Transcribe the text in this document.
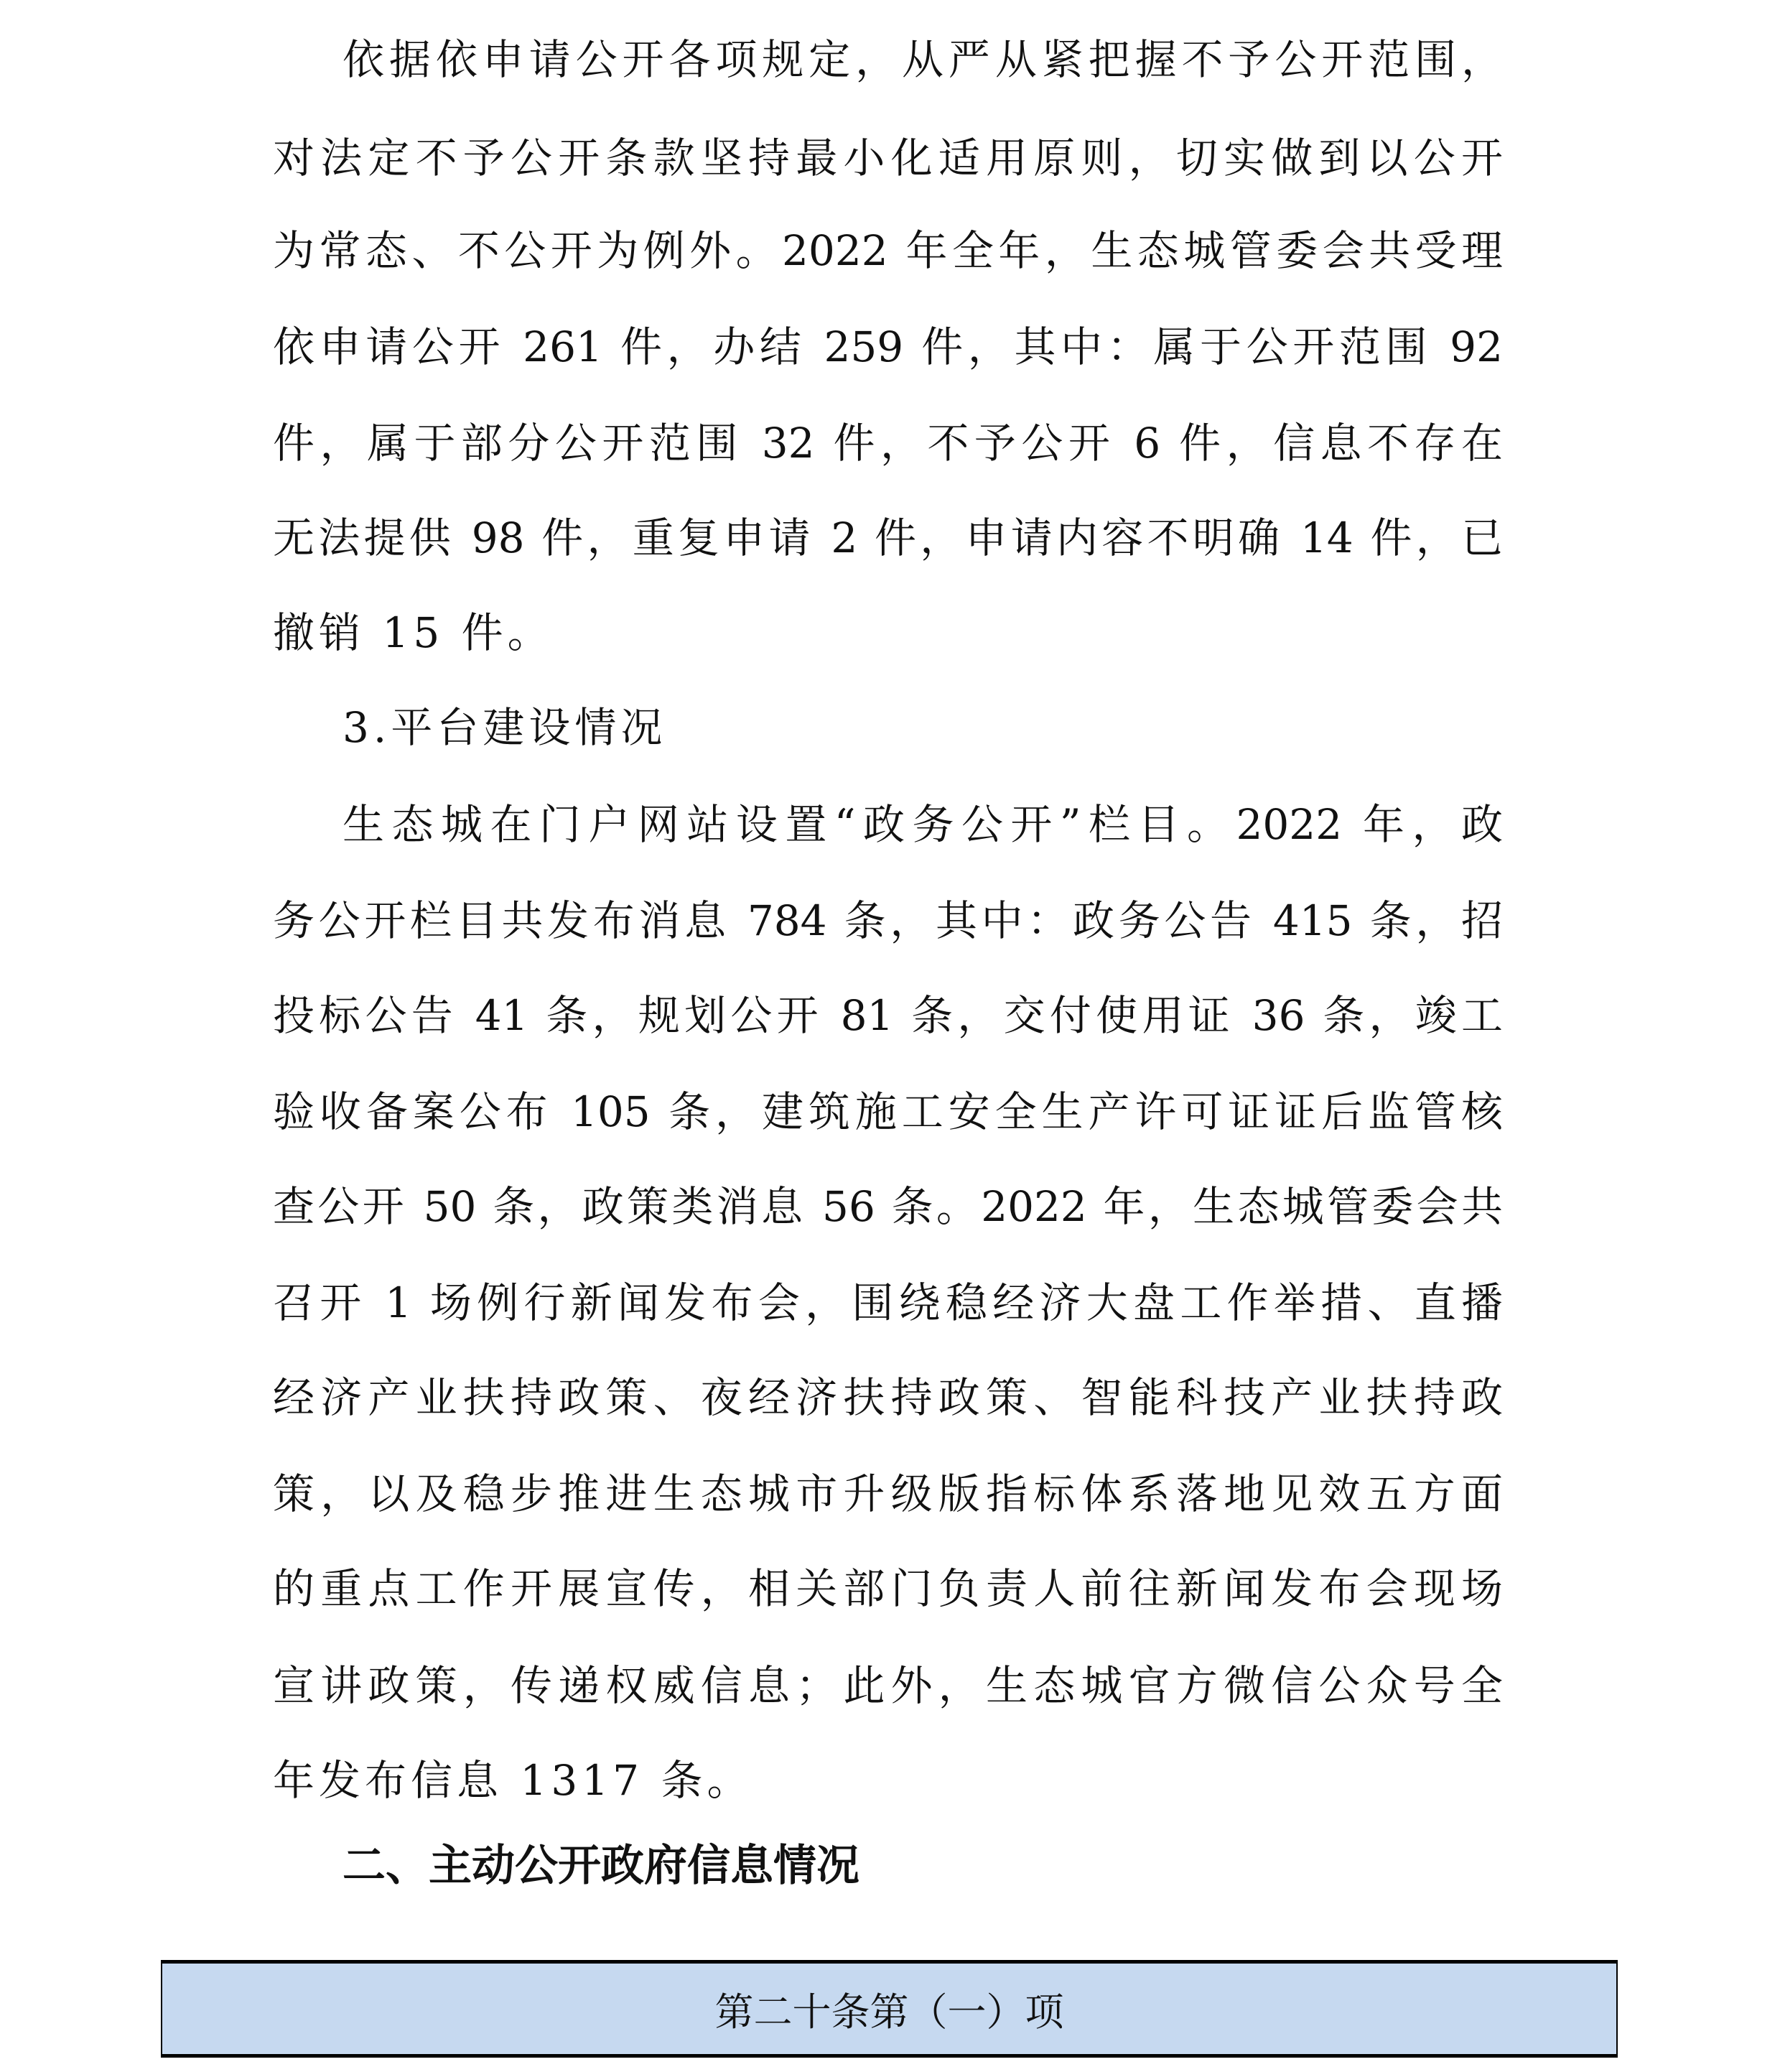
依据依申请公开各项规定，从严从紧把握不予公开范围，
对法定不予公开条款坚持最小化适用原则，切实做到以公开
为常态、不公开为例外。2022 年全年，生态城管委会共受理
依申请公开 261 件，办结 259 件，其中：属于公开范围 92
件，属于部分公开范围 32 件，不予公开 6 件，信息不存在
无法提供 98 件，重复申请 2 件，申请内容不明确 14 件，已
撤销 15 件。
3.平台建设情况
生态城在门户网站设置“政务公开”栏目。2022 年，政
务公开栏目共发布消息 784 条，其中：政务公告 415 条，招
投标公告 41 条，规划公开 81 条，交付使用证 36 条，竣工
验收备案公布 105 条，建筑施工安全生产许可证证后监管核
查公开 50 条，政策类消息 56 条。2022 年，生态城管委会共
召开 1 场例行新闻发布会，围绕稳经济大盘工作举措、直播
经济产业扶持政策、夜经济扶持政策、智能科技产业扶持政
策，以及稳步推进生态城市升级版指标体系落地见效五方面
的重点工作开展宣传，相关部门负责人前往新闻发布会现场
宣讲政策，传递权威信息；此外，生态城官方微信公众号全
年发布信息 1317 条。
二、主动公开政府信息情况
第二十条第（一）项
